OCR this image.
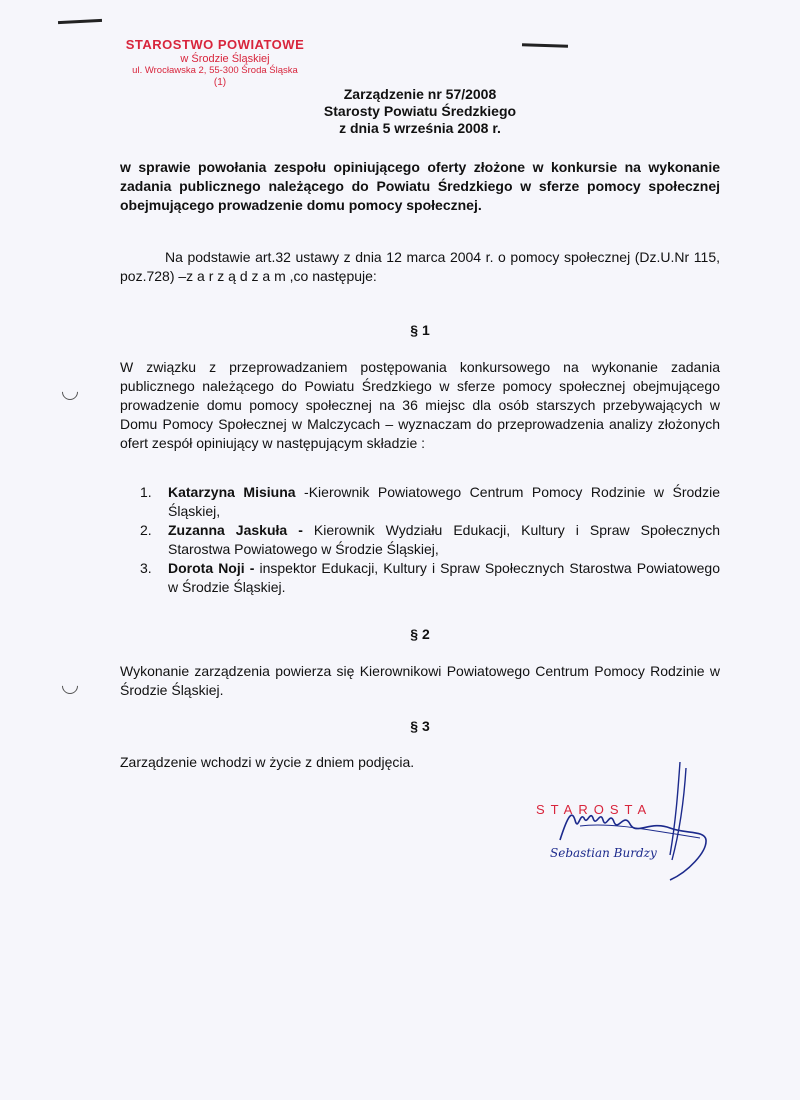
STAROSTWO POWIATOWE
w Środzie Śląskiej
ul. Wrocławska 2, 55-300 Środa Śląska
(1)
Zarządzenie nr 57/2008
Starosty Powiatu Średzkiego
z dnia 5 września 2008 r.
w sprawie powołania zespołu opiniującego oferty złożone w konkursie na wykonanie zadania publicznego należącego do Powiatu Średzkiego w sferze pomocy społecznej obejmującego prowadzenie domu pomocy społecznej.
Na podstawie art.32 ustawy z dnia 12 marca 2004 r. o pomocy społecznej (Dz.U.Nr 115, poz.728) –z a r z ą d z a m ,co następuje:
§ 1
W związku z przeprowadzaniem postępowania konkursowego na wykonanie zadania publicznego należącego do Powiatu Średzkiego w sferze pomocy społecznej obejmującego prowadzenie domu pomocy społecznej na 36 miejsc dla osób starszych przebywających w Domu Pomocy Społecznej w Malczycach – wyznaczam do przeprowadzenia analizy złożonych ofert zespół opiniujący w następującym składzie :
1. Katarzyna Misiuna -Kierownik Powiatowego Centrum Pomocy Rodzinie w Środzie Śląskiej,
2. Zuzanna Jaskuła - Kierownik Wydziału Edukacji, Kultury i Spraw Społecznych Starostwa Powiatowego w Środzie Śląskiej,
3. Dorota Noji - inspektor Edukacji, Kultury i Spraw Społecznych Starostwa Powiatowego w Środzie Śląskiej.
§ 2
Wykonanie zarządzenia powierza się Kierownikowi Powiatowego Centrum Pomocy Rodzinie w Środzie Śląskiej.
§ 3
Zarządzenie wchodzi w życie z dniem podjęcia.
STAROSTA
Sebastian Burdzy
